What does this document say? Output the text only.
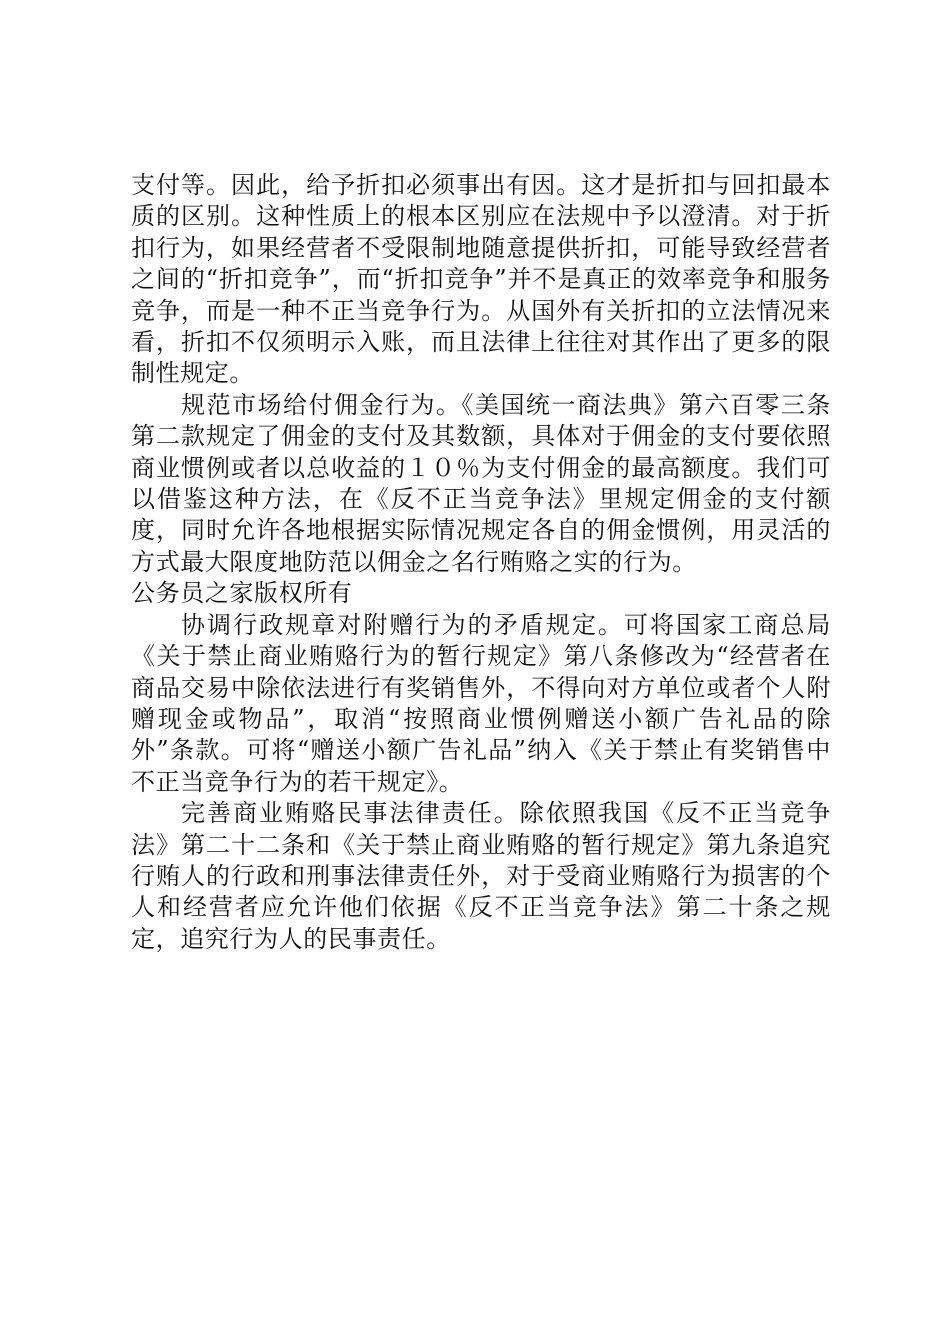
支付等。因此，给予折扣必须事出有因。这才是折扣与回扣最本质的区别。这种性质上的根本区别应在法规中予以澄清。对于折扣行为，如果经营者不受限制地随意提供折扣，可能导致经营者之间的“折扣竞争”，而“折扣竞争”并不是真正的效率竞争和服务竞争，而是一种不正当竞争行为。从国外有关折扣的立法情况来看，折扣不仅须明示入账，而且法律上往往对其作出了更多的限制性规定。

规范市场给付佣金行为。《美国统一商法典》第六百零三条第二款规定了佣金的支付及其数额，具体对于佣金的支付要依照商业惯例或者以总收益的１０％为支付佣金的最高额度。我们可以借鉴这种方法，在《反不正当竞争法》里规定佣金的支付额度，同时允许各地根据实际情况规定各自的佣金惯例，用灵活的方式最大限度地防范以佣金之名行贿赂之实的行为。

公务员之家版权所有

协调行政规章对附赠行为的矛盾规定。可将国家工商总局《关于禁止商业贿赂行为的暂行规定》第八条修改为“经营者在商品交易中除依法进行有奖销售外，不得向对方单位或者个人附赠现金或物品”，取消“按照商业惯例赠送小额广告礼品的除外”条款。可将“赠送小额广告礼品”纳入《关于禁止有奖销售中不正当竞争行为的若干规定》。

完善商业贿赂民事法律责任。除依照我国《反不正当竞争法》第二十二条和《关于禁止商业贿赂的暂行规定》第九条追究行贿人的行政和刑事法律责任外，对于受商业贿赂行为损害的个人和经营者应允许他们依据《反不正当竞争法》第二十条之规定，追究行为人的民事责任。
